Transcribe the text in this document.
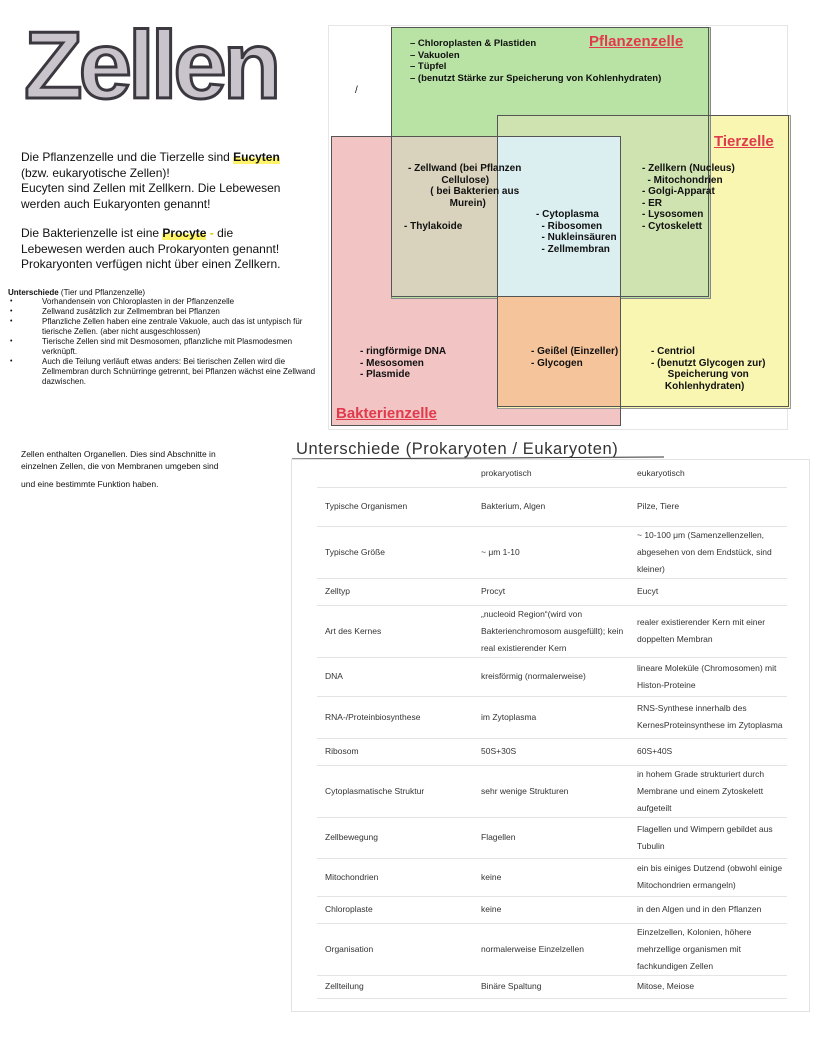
Zellen

Die Pflanzenzelle und die Tierzelle sind Eucyten

(bzw. eukaryotische Zellen)!

Eucyten sind Zellen mit Zellkern. Die Lebewesen

werden auch Eukaryonten genannt!

Die Bakterienzelle ist eine Procyte - die

Lebewesen werden auch Prokaryonten genannt!

Prokaryonten verfügen nicht über einen Zellkern.

Unterschiede (Tier und Pflanzenzelle)
• Vorhandensein von Chloroplasten in der Pflanzenzelle
• Zellwand zusätzlich zur Zellmembran bei Pflanzen
• Pflanzliche Zellen haben eine zentrale Vakuole, auch das ist untypisch für tierische Zellen. (aber nicht ausgeschlossen)
• Tierische Zellen sind mit Desmosomen, pflanzliche mit Plasmodesmen verknüpft.
• Auch die Teilung verläuft etwas anders: Bei tierischen Zellen wird die Zellmembran durch Schnürringe getrennt, bei Pflanzen wächst eine Zellwand dazwischen.
Zellen enthalten Organellen. Dies sind Abschnitte in
einzelnen Zellen, die von Membranen umgeben sind
und eine bestimmte Funktion haben.
/
Pflanzenzelle
Tierzelle
Bakterienzelle
– Chloroplasten & Plastiden
– Vakuolen
– Tüpfel
– (benutzt Stärke zur Speicherung von Kohlenhydraten)
- Zellwand (bei Pflanzen
Cellulose)
( bei Bakterien aus
Murein)
- Thylakoide
- Cytoplasma
- Ribosomen
- Nukleinsäuren
- Zellmembran
- Zellkern (Nucleus)
- Mitochondrien
- Golgi-Apparat
- ER
- Lysosomen
- Cytoskelett
- ringförmige DNA
- Mesosomen
- Plasmide
- Geißel (Einzeller)
- Glycogen
- Centriol
- (benutzt Glycogen zur)
Speicherung von
Kohlenhydraten)
Unterschiede (Prokaryoten / Eukaryoten)
	prokaryotisch	eukaryotisch
Typische Organismen	Bakterium, Algen	Pilze, Tiere
Typische Größe	~ μm 1-10	~ 10-100 μm (Samenzellenzellen, abgesehen von dem Endstück, sind kleiner)
Zelltyp	Procyt	Eucyt
Art des Kernes	„nucleoid Region“(wird von Bakterienchromosom ausgefüllt); kein real existierender Kern	realer existierender Kern mit einer doppelten Membran
DNA	kreisförmig (normalerweise)	lineare Moleküle (Chromosomen) mit Histon-Proteine
RNA-/Proteinbiosynthese	im Zytoplasma	RNS-Synthese innerhalb des KernesProteinsynthese im Zytoplasma
Ribosom	50S+30S	60S+40S
Cytoplasmatische Struktur	sehr wenige Strukturen	in hohem Grade strukturiert durch Membrane und einem Zytoskelett aufgeteilt
Zellbewegung	Flagellen	Flagellen und Wimpern gebildet aus Tubulin
Mitochondrien	keine	ein bis einiges Dutzend (obwohl einige Mitochondrien ermangeln)
Chloroplaste	keine	in den Algen und in den Pflanzen
Organisation	normalerweise Einzelzellen	Einzelzellen, Kolonien, höhere mehrzellige organismen mit fachkundigen Zellen
Zellteilung	Binäre Spaltung	Mitose, Meiose
